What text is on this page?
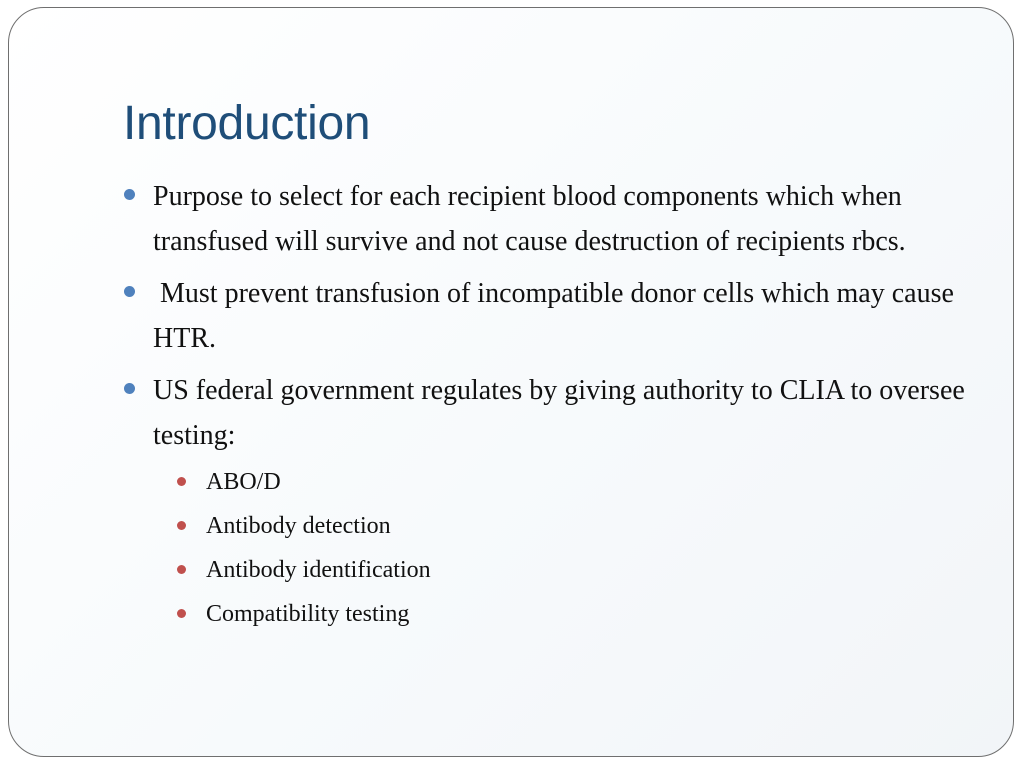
Introduction
Purpose to select for each recipient blood components which when transfused will survive and not cause destruction of recipients rbcs.
Must prevent transfusion of incompatible donor cells which may cause HTR.
US federal government regulates by giving authority to CLIA to oversee testing:
ABO/D
Antibody detection
Antibody identification
Compatibility testing
